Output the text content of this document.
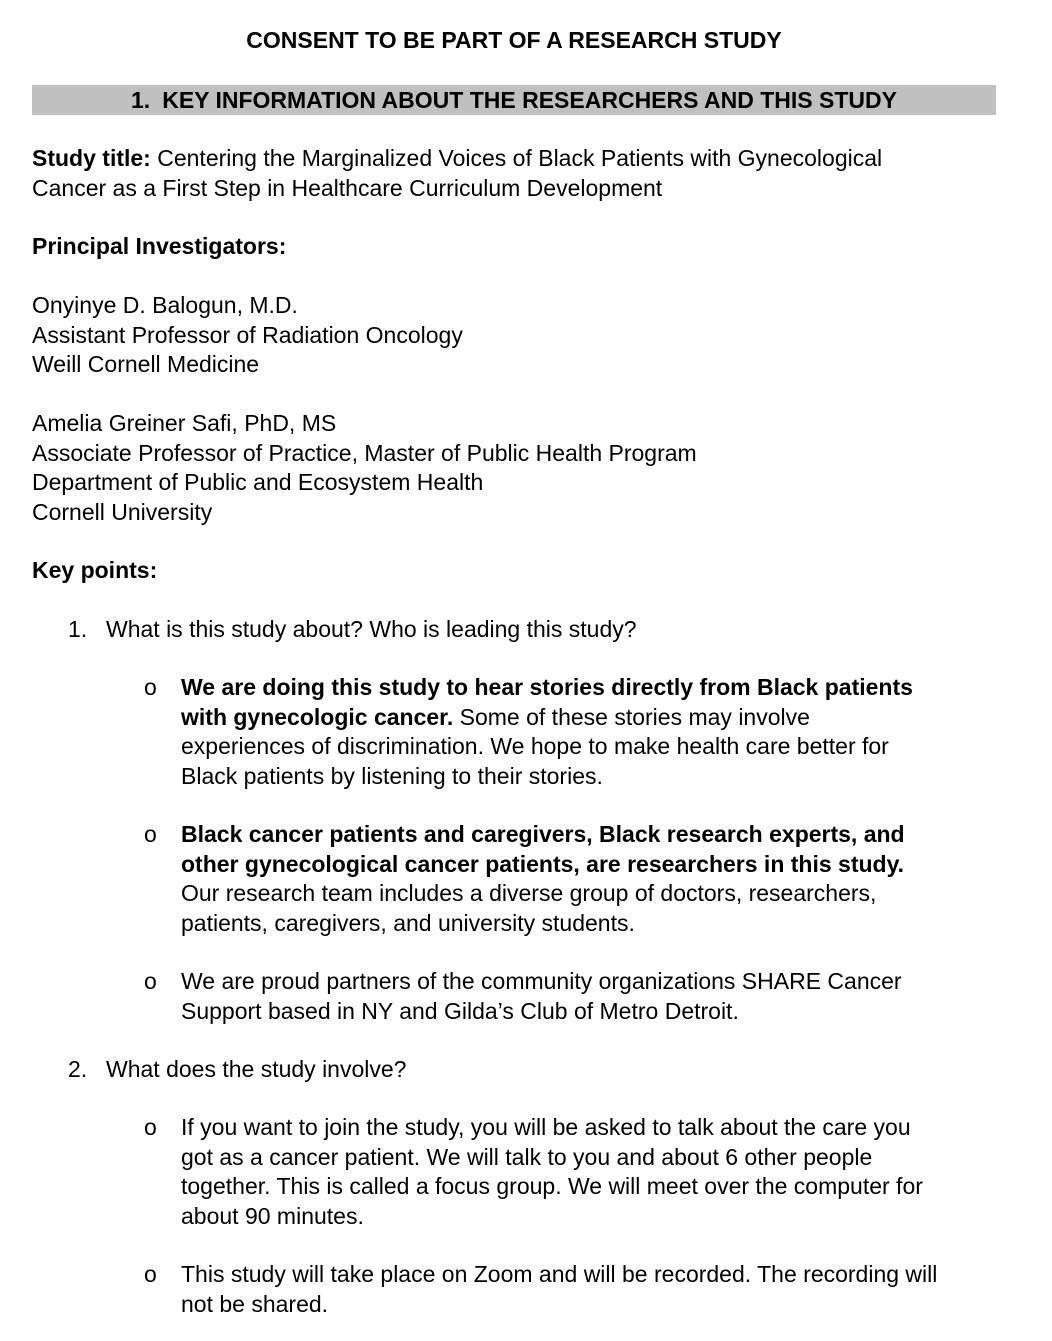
CONSENT TO BE PART OF A RESEARCH STUDY
1. KEY INFORMATION ABOUT THE RESEARCHERS AND THIS STUDY
Study title: Centering the Marginalized Voices of Black Patients with Gynecological
Cancer as a First Step in Healthcare Curriculum Development
Principal Investigators:
Onyinye D. Balogun, M.D.
Assistant Professor of Radiation Oncology
Weill Cornell Medicine
Amelia Greiner Safi, PhD, MS
Associate Professor of Practice, Master of Public Health Program
Department of Public and Ecosystem Health
Cornell University
Key points:
1. What is this study about? Who is leading this study?
o	We are doing this study to hear stories directly from Black patients
with gynecologic cancer. Some of these stories may involve
experiences of discrimination. We hope to make health care better for
Black patients by listening to their stories.
o	Black cancer patients and caregivers, Black research experts, and
other gynecological cancer patients, are researchers in this study.
Our research team includes a diverse group of doctors, researchers,
patients, caregivers, and university students.
o	We are proud partners of the community organizations SHARE Cancer
Support based in NY and Gilda’s Club of Metro Detroit.
2. What does the study involve?
o	If you want to join the study, you will be asked to talk about the care you
got as a cancer patient. We will talk to you and about 6 other people
together. This is called a focus group. We will meet over the computer for
about 90 minutes.
o	This study will take place on Zoom and will be recorded. The recording will
not be shared.
